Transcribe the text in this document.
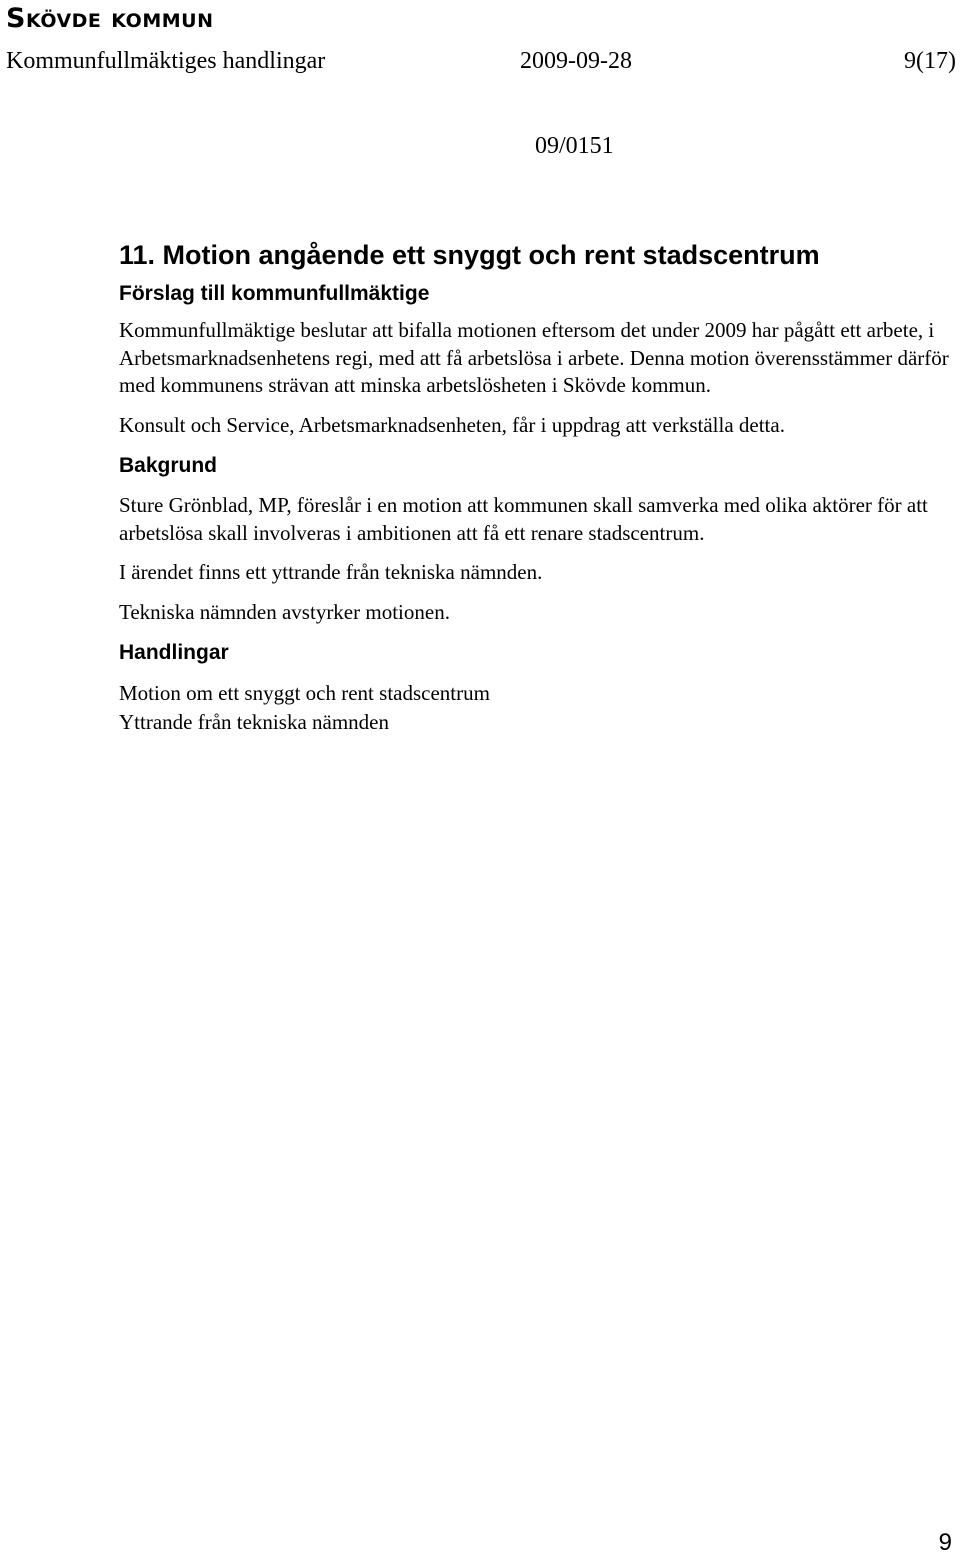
Skövde kommun
Kommunfullmäktiges handlingar	2009-09-28	9(17)
09/0151
11. Motion angående ett snyggt och rent stadscentrum
Förslag till kommunfullmäktige

Kommunfullmäktige beslutar att bifalla motionen eftersom det under 2009 har pågått ett arbete, i Arbetsmarknadsenhetens regi, med att få arbetslösa i arbete. Denna motion överensstämmer därför med kommunens strävan att minska arbetslösheten i Skövde kommun.

Konsult och Service, Arbetsmarknadsenheten, får i uppdrag att verkställa detta.

Bakgrund

Sture Grönblad, MP, föreslår i en motion att kommunen skall samverka med olika aktörer för att arbetslösa skall involveras i ambitionen att få ett renare stadscentrum.

I ärendet finns ett yttrande från tekniska nämnden.

Tekniska nämnden avstyrker motionen.

Handlingar
Motion om ett snyggt och rent stadscentrum
Yttrande från tekniska nämnden
9
